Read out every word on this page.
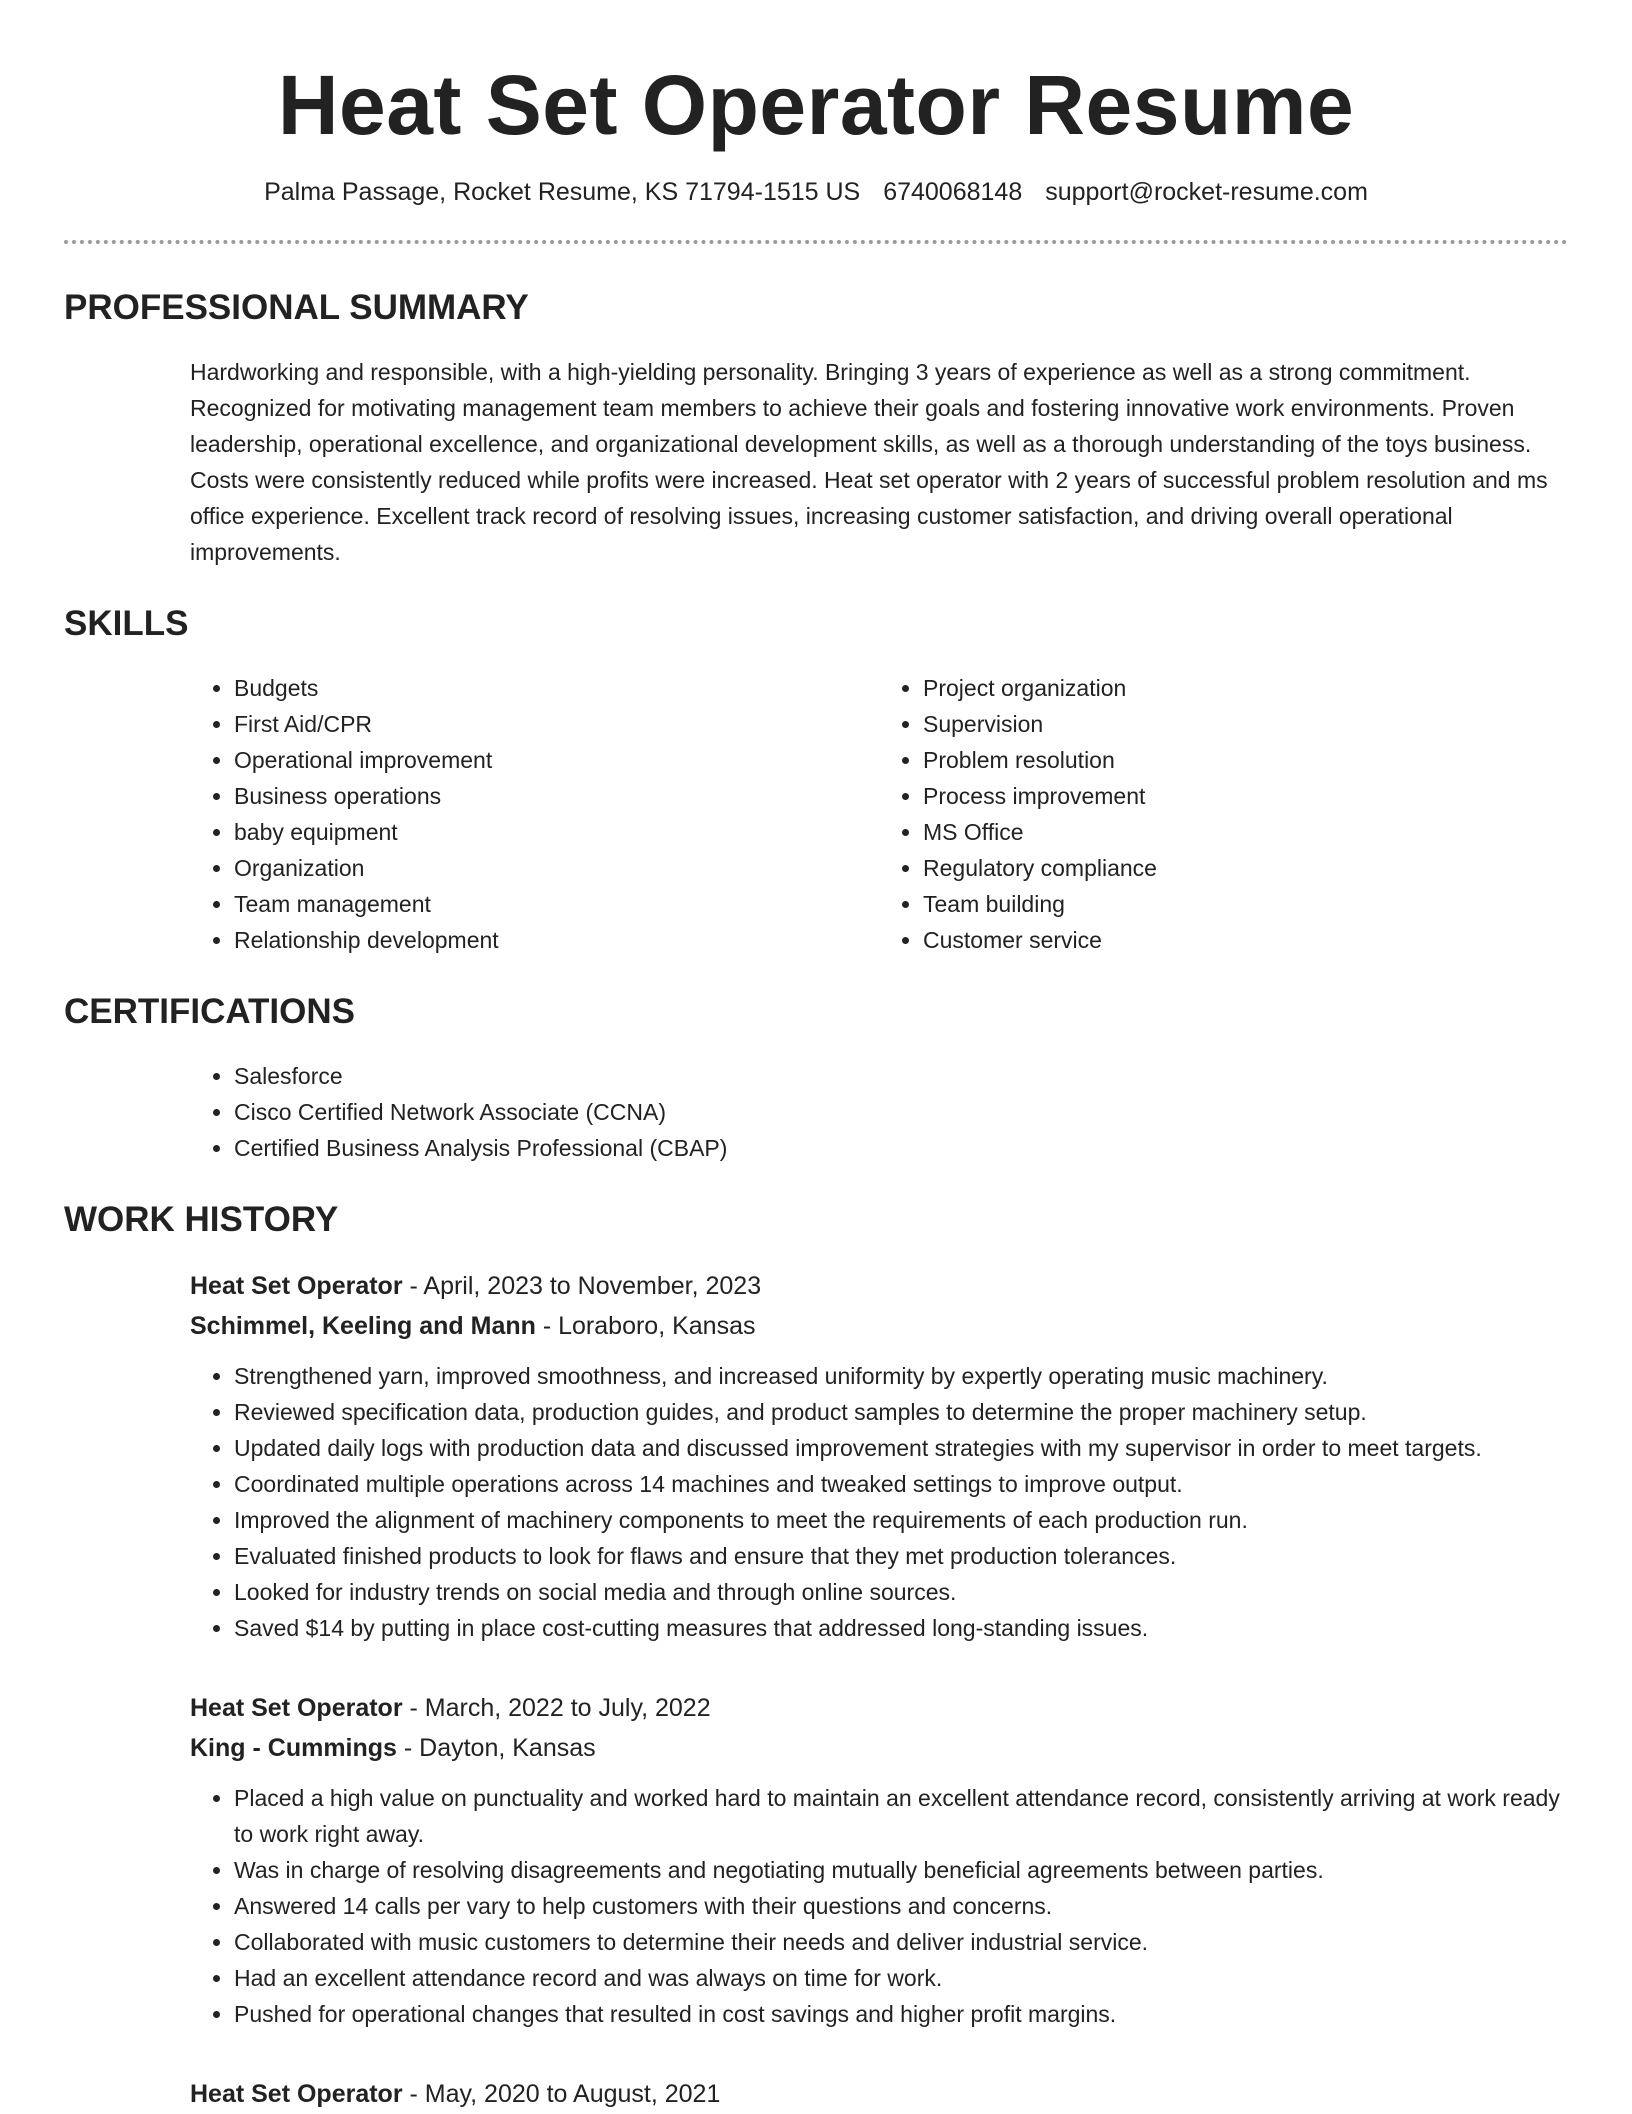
Heat Set Operator Resume
Palma Passage, Rocket Resume, KS 71794-1515 US 6740068148 support@rocket-resume.com
PROFESSIONAL SUMMARY
Hardworking and responsible, with a high-yielding personality. Bringing 3 years of experience as well as a strong commitment. Recognized for motivating management team members to achieve their goals and fostering innovative work environments. Proven leadership, operational excellence, and organizational development skills, as well as a thorough understanding of the toys business. Costs were consistently reduced while profits were increased. Heat set operator with 2 years of successful problem resolution and ms office experience. Excellent track record of resolving issues, increasing customer satisfaction, and driving overall operational improvements.
SKILLS
• Budgets
• First Aid/CPR
• Operational improvement
• Business operations
• baby equipment
• Organization
• Team management
• Relationship development
• Project organization
• Supervision
• Problem resolution
• Process improvement
• MS Office
• Regulatory compliance
• Team building
• Customer service
CERTIFICATIONS
• Salesforce
• Cisco Certified Network Associate (CCNA)
• Certified Business Analysis Professional (CBAP)
WORK HISTORY
Heat Set Operator - April, 2023 to November, 2023
Schimmel, Keeling and Mann - Loraboro, Kansas
• Strengthened yarn, improved smoothness, and increased uniformity by expertly operating music machinery.
• Reviewed specification data, production guides, and product samples to determine the proper machinery setup.
• Updated daily logs with production data and discussed improvement strategies with my supervisor in order to meet targets.
• Coordinated multiple operations across 14 machines and tweaked settings to improve output.
• Improved the alignment of machinery components to meet the requirements of each production run.
• Evaluated finished products to look for flaws and ensure that they met production tolerances.
• Looked for industry trends on social media and through online sources.
• Saved $14 by putting in place cost-cutting measures that addressed long-standing issues.
Heat Set Operator - March, 2022 to July, 2022
King - Cummings - Dayton, Kansas
• Placed a high value on punctuality and worked hard to maintain an excellent attendance record, consistently arriving at work ready to work right away.
• Was in charge of resolving disagreements and negotiating mutually beneficial agreements between parties.
• Answered 14 calls per vary to help customers with their questions and concerns.
• Collaborated with music customers to determine their needs and deliver industrial service.
• Had an excellent attendance record and was always on time for work.
• Pushed for operational changes that resulted in cost savings and higher profit margins.
Heat Set Operator - May, 2020 to August, 2021
